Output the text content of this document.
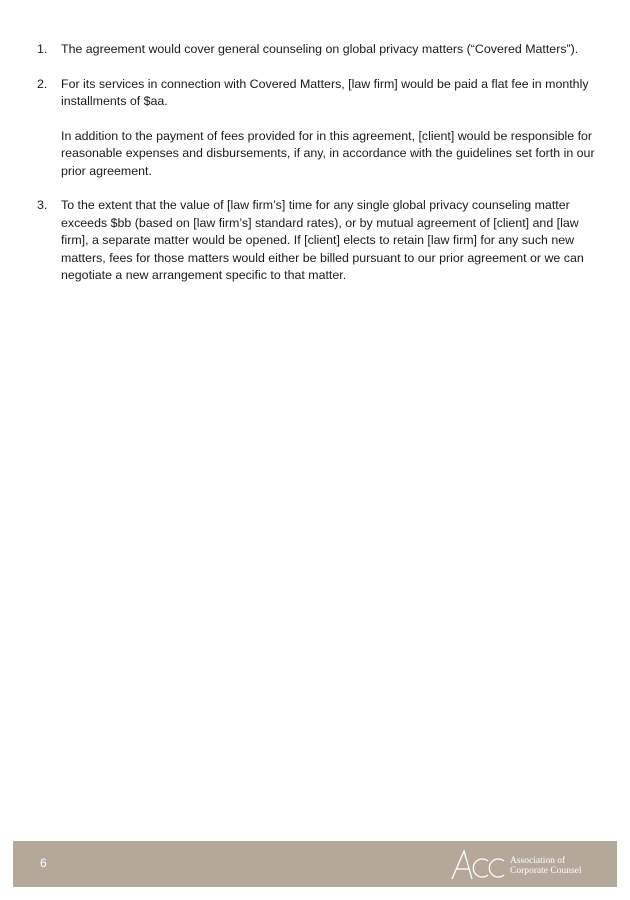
1. The agreement would cover general counseling on global privacy matters (“Covered Matters”).

2. For its services in connection with Covered Matters, [law firm] would be paid a flat fee in monthly installments of $aa.

In addition to the payment of fees provided for in this agreement, [client] would be responsible for reasonable expenses and disbursements, if any, in accordance with the guidelines set forth in our prior agreement.

3. To the extent that the value of [law firm’s] time for any single global privacy counseling matter exceeds $bb (based on [law firm’s] standard rates), or by mutual agreement of [client] and [law firm], a separate matter would be opened. If [client] elects to retain [law firm] for any such new matters, fees for those matters would either be billed pursuant to our prior agreement or we can negotiate a new arrangement specific to that matter.

6	Association of
Corporate Counsel
